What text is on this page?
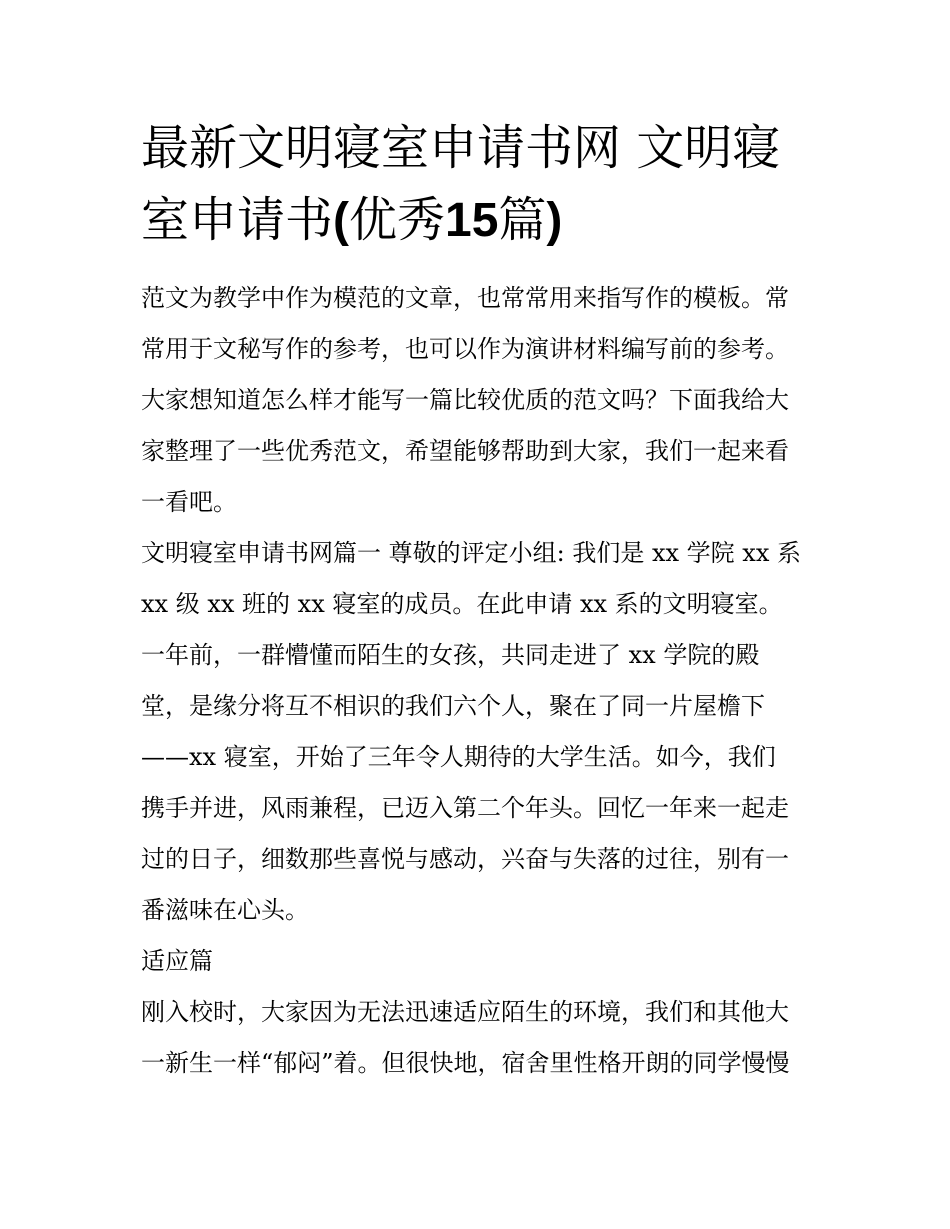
最新文明寝室申请书网 文明寝
室申请书(优秀15篇)
范文为教学中作为模范的文章，也常常用来指写作的模板。常
常用于文秘写作的参考，也可以作为演讲材料编写前的参考。
大家想知道怎么样才能写一篇比较优质的范文吗？下面我给大
家整理了一些优秀范文，希望能够帮助到大家，我们一起来看
一看吧。
文明寝室申请书网篇一 尊敬的评定小组: 我们是 xx 学院 xx 系
xx 级 xx 班的 xx 寝室的成员。在此申请 xx 系的文明寝室。
一年前，一群懵懂而陌生的女孩，共同走进了 xx 学院的殿
堂，是缘分将互不相识的我们六个人，聚在了同一片屋檐下
——xx 寝室，开始了三年令人期待的大学生活。如今，我们
携手并进，风雨兼程，已迈入第二个年头。回忆一年来一起走
过的日子，细数那些喜悦与感动，兴奋与失落的过往，别有一
番滋味在心头。
适应篇
刚入校时，大家因为无法迅速适应陌生的环境，我们和其他大
一新生一样“郁闷”着。但很快地，宿舍里性格开朗的同学慢慢
